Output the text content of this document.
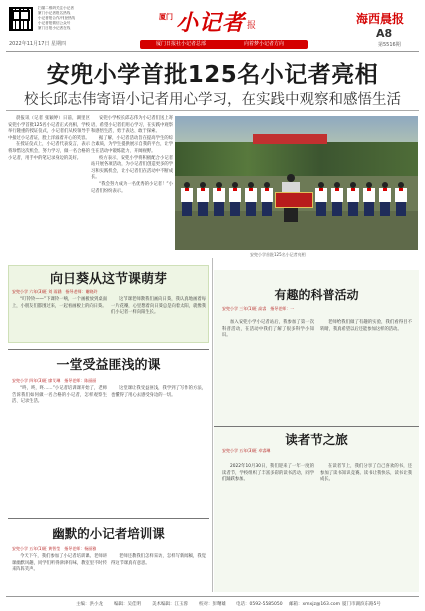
扫描二维码关注小记者
厦门小记者报名热线
小记者报合作/刊登热线
小记者报微信公众号
厦门日报小记者在线
厦门 小记者 报	海西晨报
A8
2022年11月17日 星期四	厦门日报社小记者总部	向着梦小记者方向	第5516期
安兜小学首批125名小记者亮相
校长邱志伟寄语小记者用心学习，在实践中观察和感悟生活

晨报讯（记者 张颖婷）日前，湖里区安兜小学首批125名小记者正式亮相，学校举行隆重的授证仪式，小记者们从校领导手中接过小记者证，脸上洋溢着开心的笑容。

在授证仪式上，小记者代表发言，表示将珍惜这次机会，努力学习，做一名合格的小记者，用手中的笔记录身边的美好。

安兜小学校长邱志伟为小记者们送上寄语，希望小记者们用心学习，在实践中观察和感悟生活，勇于表达、敢于探索。

据了解，小记者活动旨在提高学生的综合素质，为学生提供展示自我的平台，让学生在活动中锻炼能力、开阔视野。

校方表示，安兜小学将积极配合小记者站开展各项活动，为小记者们创造更多的学习和实践机会，让小记者们在活动中不断成长。

“我会努力成为一名优秀的小记者！”小记者们纷纷表示。

安兜小学首批125名小记者亮相
向日葵从这节课萌芽
安兜小学 六年(3)班 刘 雨涵　指导老师：谢晓玲

“叮铃铃——”下课铃一响，一个画板放到桌面上，小朋友们都围过来，一起看画板上的向日葵。

这节课老师教我们画向日葵，我认真地画着每一片花瓣，心里想着向日葵总是向着太阳，就像我们小记者一样向阳生长。

一堂受益匪浅的课
安兜小学 四年(3)班 廖艾琳　指导老师：陈丽丽

“咚，咚，咚……”小记者培训课开始了，老师告诉我们如何做一名合格的小记者，怎样观察生活、记录生活。

这堂课让我受益匪浅，我学到了写作的方法，也懂得了用心去感受身边的一切。

幽默的小记者培训课
安兜小学 五年(1)班 黄智莹　指导老师：杨丽雅

今天下午，我们参加了小记者培训课。老师讲课幽默风趣，同学们听得津津有味，教室里不时传来阵阵笑声。

老师还教我们怎样采访，怎样写新闻稿，我觉得这节课真有意思。

有趣的科普活动
安兜小学 三年(1)班 高睿　指导老师：一

加入安兜小学小记者站后，我参加了第一次科普活动，在活动中我们了解了很多科学小知识。

老师给我们做了有趣的实验，我们看得目不转睛，我真希望以后还能参加这样的活动。

读者节之旅
安兜小学 五年(3)班 卓睿琳

2022年10月30日，我们迎来了一年一度的读者节，学校组织了丰富多彩的读书活动，同学们踊跃参加。

在读者节上，我们分享了自己喜欢的书，还参加了读书知识竞赛。读书让我快乐，读书让我成长。

主编：洪小龙 编辑：吴佳明 美术编辑：江玉蓉 校对：彭曙雄 电话：0592-5585050 邮箱：xmxjz@163.com 厦门市湖滨东路5号
